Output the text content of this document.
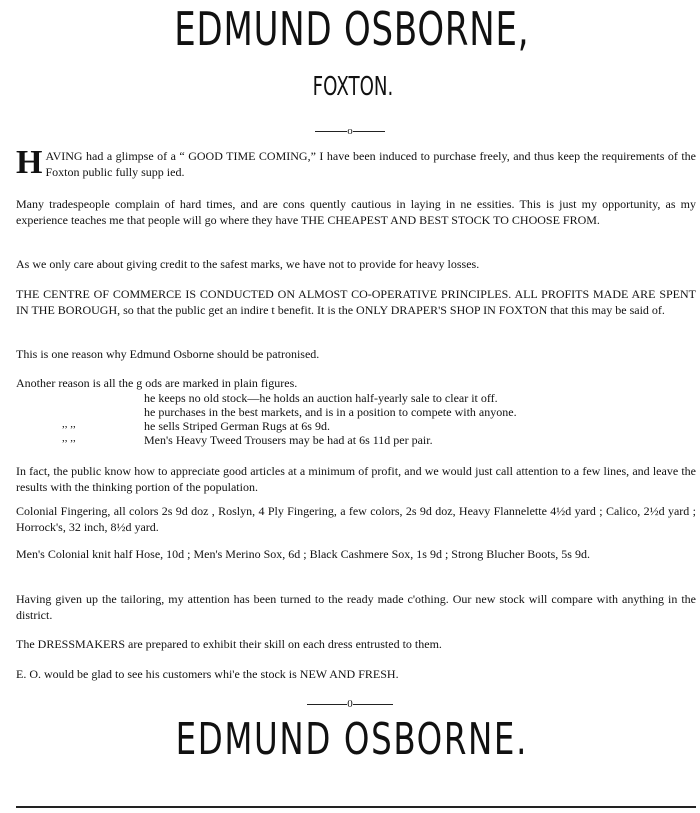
EDMUND OSBORNE,
FOXTON.
o
HAVING had a glimpse of a “ GOOD TIME COMING,” I have been induced to purchase freely, and thus keep the requirements of the Foxton public fully supp ied.
Many tradespeople complain of hard times, and are cons quently cautious in laying in ne essities. This is just my opportunity, as my experience teaches me that people will go where they have THE CHEAPEST AND BEST STOCK TO CHOOSE FROM.
As we only care about giving credit to the safest marks, we have not to provide for heavy losses.
THE CENTRE OF COMMERCE IS CONDUCTED ON ALMOST CO-OPERATIVE PRINCIPLES. ALL PROFITS MADE ARE SPENT IN THE BOROUGH, so that the public get an indire t benefit. It is the ONLY DRAPER'S SHOP IN FOXTON that this may be said of.
This is one reason why Edmund Osborne should be patronised.
Another reason is all the g ods are marked in plain figures.
he keeps no old stock—he holds an auction half-yearly sale to clear it off.
he purchases in the best markets, and is in a position to compete with anyone.
,, ,,	he sells Striped German Rugs at 6s 9d.
,, ,,	Men's Heavy Tweed Trousers may be had at 6s 11d per pair.
In fact, the public know how to appreciate good articles at a minimum of profit, and we would just call attention to a few lines, and leave the results with the thinking portion of the population.
Colonial Fingering, all colors 2s 9d doz , Roslyn, 4 Ply Fingering, a few colors, 2s 9d doz, Heavy Flannelette 4½d yard ; Calico, 2½d yard ; Horrock's, 32 inch, 8½d yard.
Men's Colonial knit half Hose, 10d ; Men's Merino Sox, 6d ; Black Cashmere Sox, 1s 9d ; Strong Blucher Boots, 5s 9d.
Having given up the tailoring, my attention has been turned to the ready made c'othing. Our new stock will compare with anything in the district.
The DRESSMAKERS are prepared to exhibit their skill on each dress entrusted to them.
E. O. would be glad to see his customers whi'e the stock is NEW AND FRESH.
0
EDMUND OSBORNE.
